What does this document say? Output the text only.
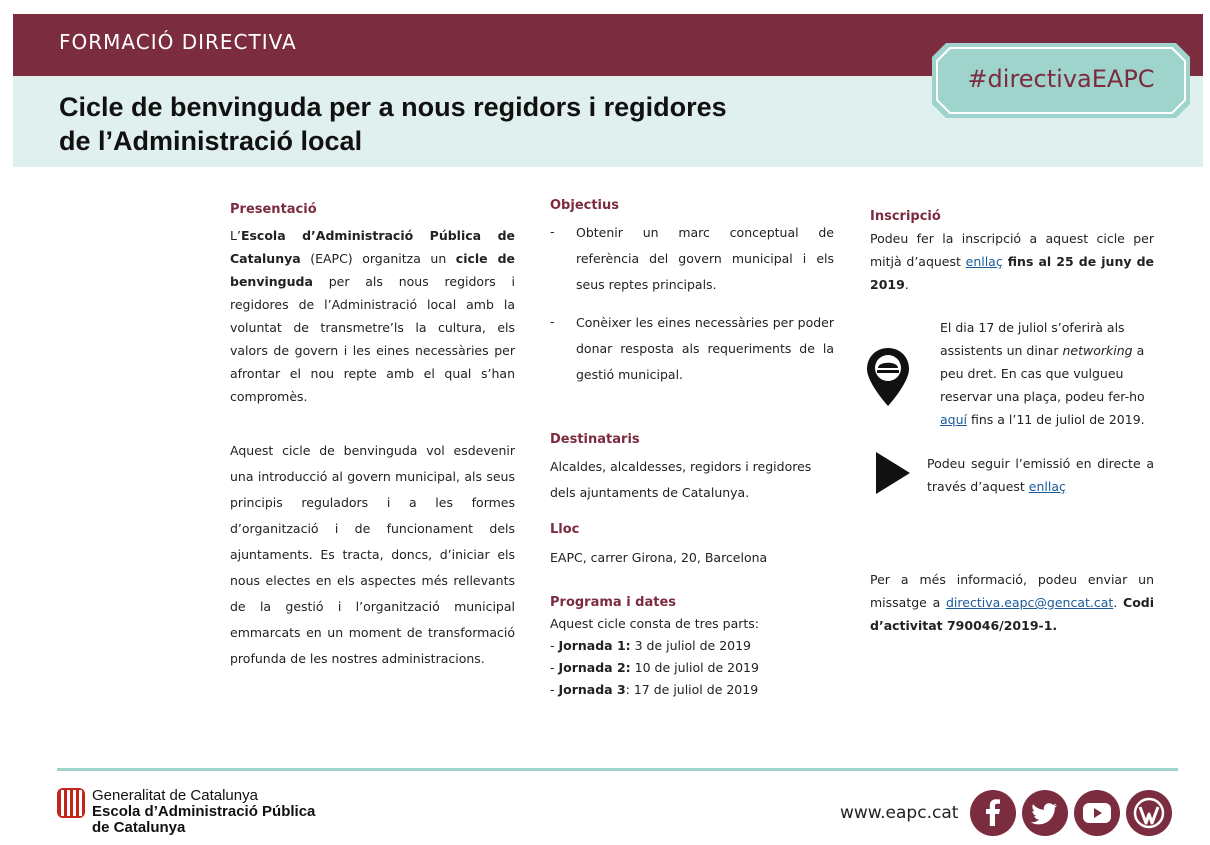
FORMACIÓ DIRECTIVA
Cicle de benvinguda per a nous regidors i regidores
de l’Administració local
#directivaEAPC
Presentació

L’Escola d’Administració Pública de Catalunya (EAPC) organitza un cicle de benvinguda per als nous regidors i regidores de l’Administració local amb la voluntat de transmetre’ls la cultura, els valors de govern i les eines necessàries per afrontar el nou repte amb el qual s’han compromès.

Aquest cicle de benvinguda vol esdevenir una introducció al govern municipal, als seus principis reguladors i a les formes d’organització i de funcionament dels ajuntaments. Es tracta, doncs, d’iniciar els nous electes en els aspectes més rellevants de la gestió i l’organització municipal emmarcats en un moment de transformació profunda de les nostres administracions.

Objectius
-	Obtenir un marc conceptual de referència del govern municipal i els seus reptes principals.
-	Conèixer les eines necessàries per poder donar resposta als requeriments de la gestió municipal.
Destinataris

Alcaldes, alcaldesses, regidors i regidores dels ajuntaments de Catalunya.

Lloc

EAPC, carrer Girona, 20, Barcelona

Programa i dates

Aquest cicle consta de tres parts:

- Jornada 1: 3 de juliol de 2019

- Jornada 2: 10 de juliol de 2019

- Jornada 3: 17 de juliol de 2019

Inscripció

Podeu fer la inscripció a aquest cicle per mitjà d’aquest enllaç fins al 25 de juny de 2019.

El dia 17 de juliol s’oferirà als assistents un dinar networking a peu dret. En cas que vulgueu reservar una plaça, podeu fer-ho aquí fins a l’11 de juliol de 2019.

Podeu seguir l’emissió en directe a través d’aquest enllaç

Per a més informació, podeu enviar un missatge a directiva.eapc@gencat.cat. Codi d’activitat 790046/2019-1.

Generalitat de Catalunya
Escola d’Administració Pública
de Catalunya
www.eapc.cat
